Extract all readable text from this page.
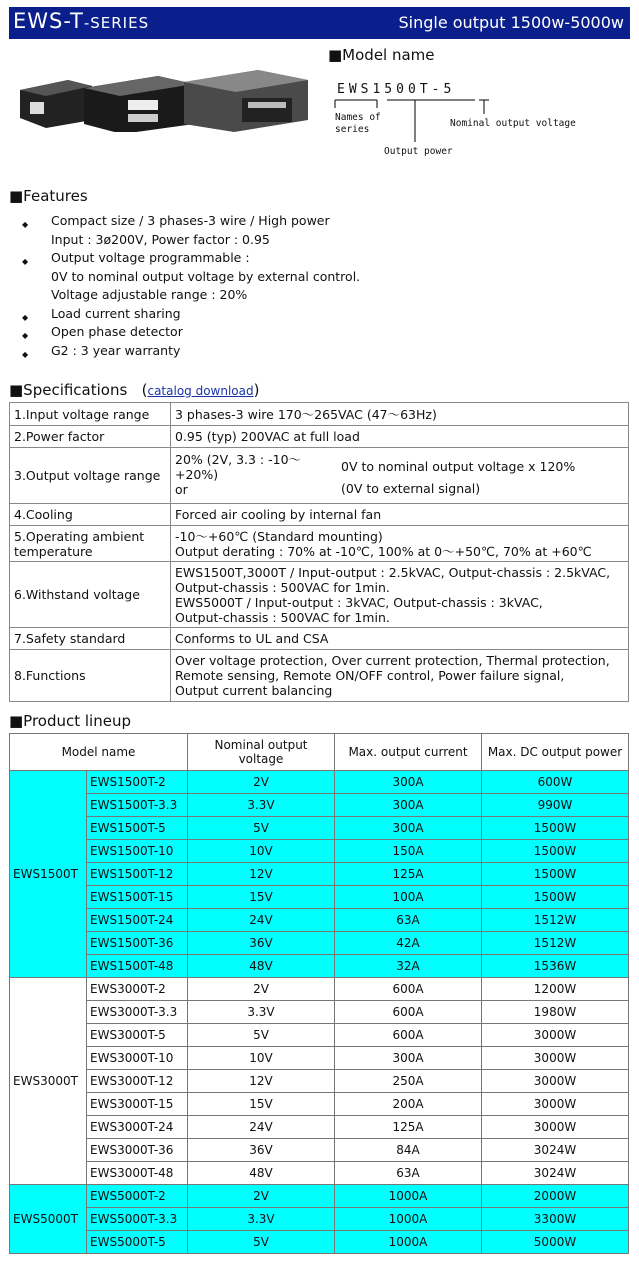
EWS-T-SERIES	Single output 1500w-5000w
■Model name
EWS1500T-5
Names of series
Output power
Nominal output voltage
■Features
◆ Compact size / 3 phases-3 wire / High power
Input : 3ø200V, Power factor : 0.95
◆ Output voltage programmable :
0V to nominal output voltage by external control.
Voltage adjustable range : 20%
◆ Load current sharing
◆ Open phase detector
◆ G2 : 3 year warranty
■Specifications (catalog download)
1.Input voltage range	3 phases-3 wire 170～265VAC (47～63Hz)
2.Power factor	0.95 (typ) 200VAC at full load
3.Output voltage range	20% (2V, 3.3 : -10～+20%)
or
0V to nominal output voltage x 120%
(0V to external signal)

4.Cooling	Forced air cooling by internal fan
5.Operating ambient temperature	-10～+60℃ (Standard mounting)
Output derating : 70% at -10℃, 100% at 0～+50℃, 70% at +60℃

6.Withstand voltage	EWS1500T,3000T / Input-output : 2.5kVAC, Output-chassis : 2.5kVAC,
Output-chassis : 500VAC for 1min.
EWS5000T / Input-output : 3kVAC, Output-chassis : 3kVAC,
Output-chassis : 500VAC for 1min.

7.Safety standard	Conforms to UL and CSA
8.Functions	Over voltage protection, Over current protection, Thermal protection,
Remote sensing, Remote ON/OFF control, Power failure signal,
Output current balancing
■Product lineup
Model name		Nominal output voltage	Max. output current	Max. DC output power
EWS1500T	EWS1500T-2	2V	300A	600W
	EWS1500T-3.3	3.3V	300A	990W
	EWS1500T-5	5V	300A	1500W
	EWS1500T-10	10V	150A	1500W
	EWS1500T-12	12V	125A	1500W
	EWS1500T-15	15V	100A	1500W
	EWS1500T-24	24V	63A	1512W
	EWS1500T-36	36V	42A	1512W
	EWS1500T-48	48V	32A	1536W
EWS3000T	EWS3000T-2	2V	600A	1200W
	EWS3000T-3.3	3.3V	600A	1980W
	EWS3000T-5	5V	600A	3000W
	EWS3000T-10	10V	300A	3000W
	EWS3000T-12	12V	250A	3000W
	EWS3000T-15	15V	200A	3000W
	EWS3000T-24	24V	125A	3000W
	EWS3000T-36	36V	84A	3024W
	EWS3000T-48	48V	63A	3024W
EWS5000T	EWS5000T-2	2V	1000A	2000W
	EWS5000T-3.3	3.3V	1000A	3300W
	EWS5000T-5	5V	1000A	5000W
